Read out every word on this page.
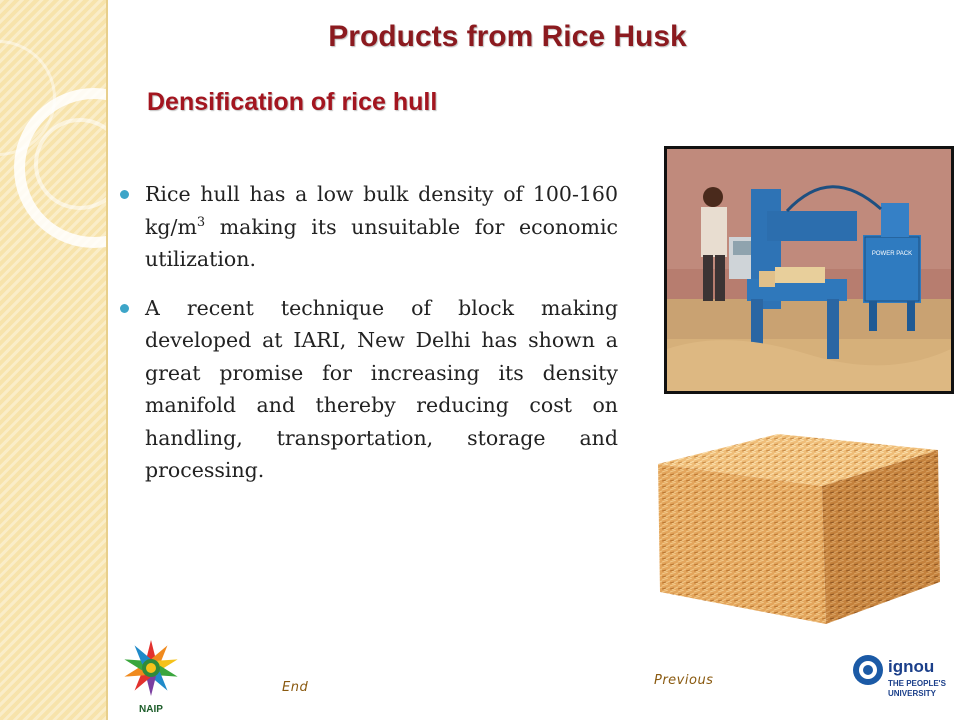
Products from Rice Husk
Densification of rice hull
Rice hull has a low bulk density of 100-160 $kg/m^3$ making its unsuitable for economic utilization.
A recent technique of block making developed at IARI, New Delhi has shown a great promise for increasing its density manifold and thereby reducing cost on handling, transportation, storage and processing.
POWER PACK
End	Previous
NAIP
ignou
THE PEOPLE'S
UNIVERSITY
